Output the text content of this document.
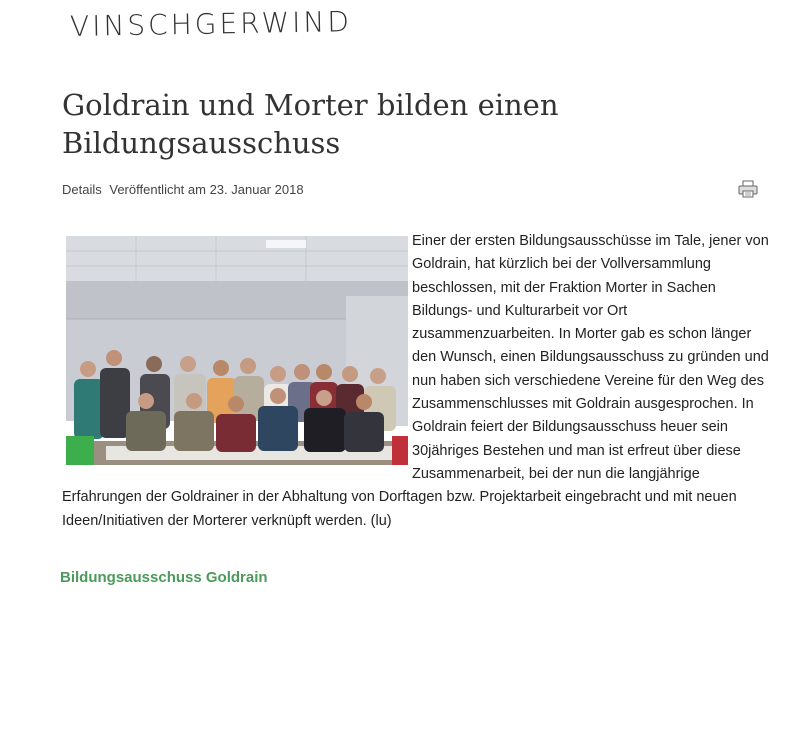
VINSCHGERWIND
Goldrain und Morter bilden einen Bildungsausschuss
Details Veröffentlicht am 23. Januar 2018

Einer der ersten Bildungsausschüsse im Tale, jener von Goldrain, hat kürzlich bei der Vollversammlung beschlossen, mit der Fraktion Morter in Sachen Bildungs- und Kulturarbeit vor Ort zusammenzuarbeiten. In Morter gab es schon länger den Wunsch, einen Bildungsausschuss zu gründen und nun haben sich verschiedene Vereine für den Weg des Zusammenschlusses mit Goldrain ausgesprochen. In Goldrain feiert der Bildungsausschuss heuer sein 30jähriges Bestehen und man ist erfreut über diese Zusammenarbeit, bei der nun die langjährige Erfahrungen der Goldrainer in der Abhaltung von Dorftagen bzw. Projektarbeit eingebracht und mit neuen Ideen/Initiativen der Morterer verknüpft werden. (lu)

Bildungsausschuss Goldrain
